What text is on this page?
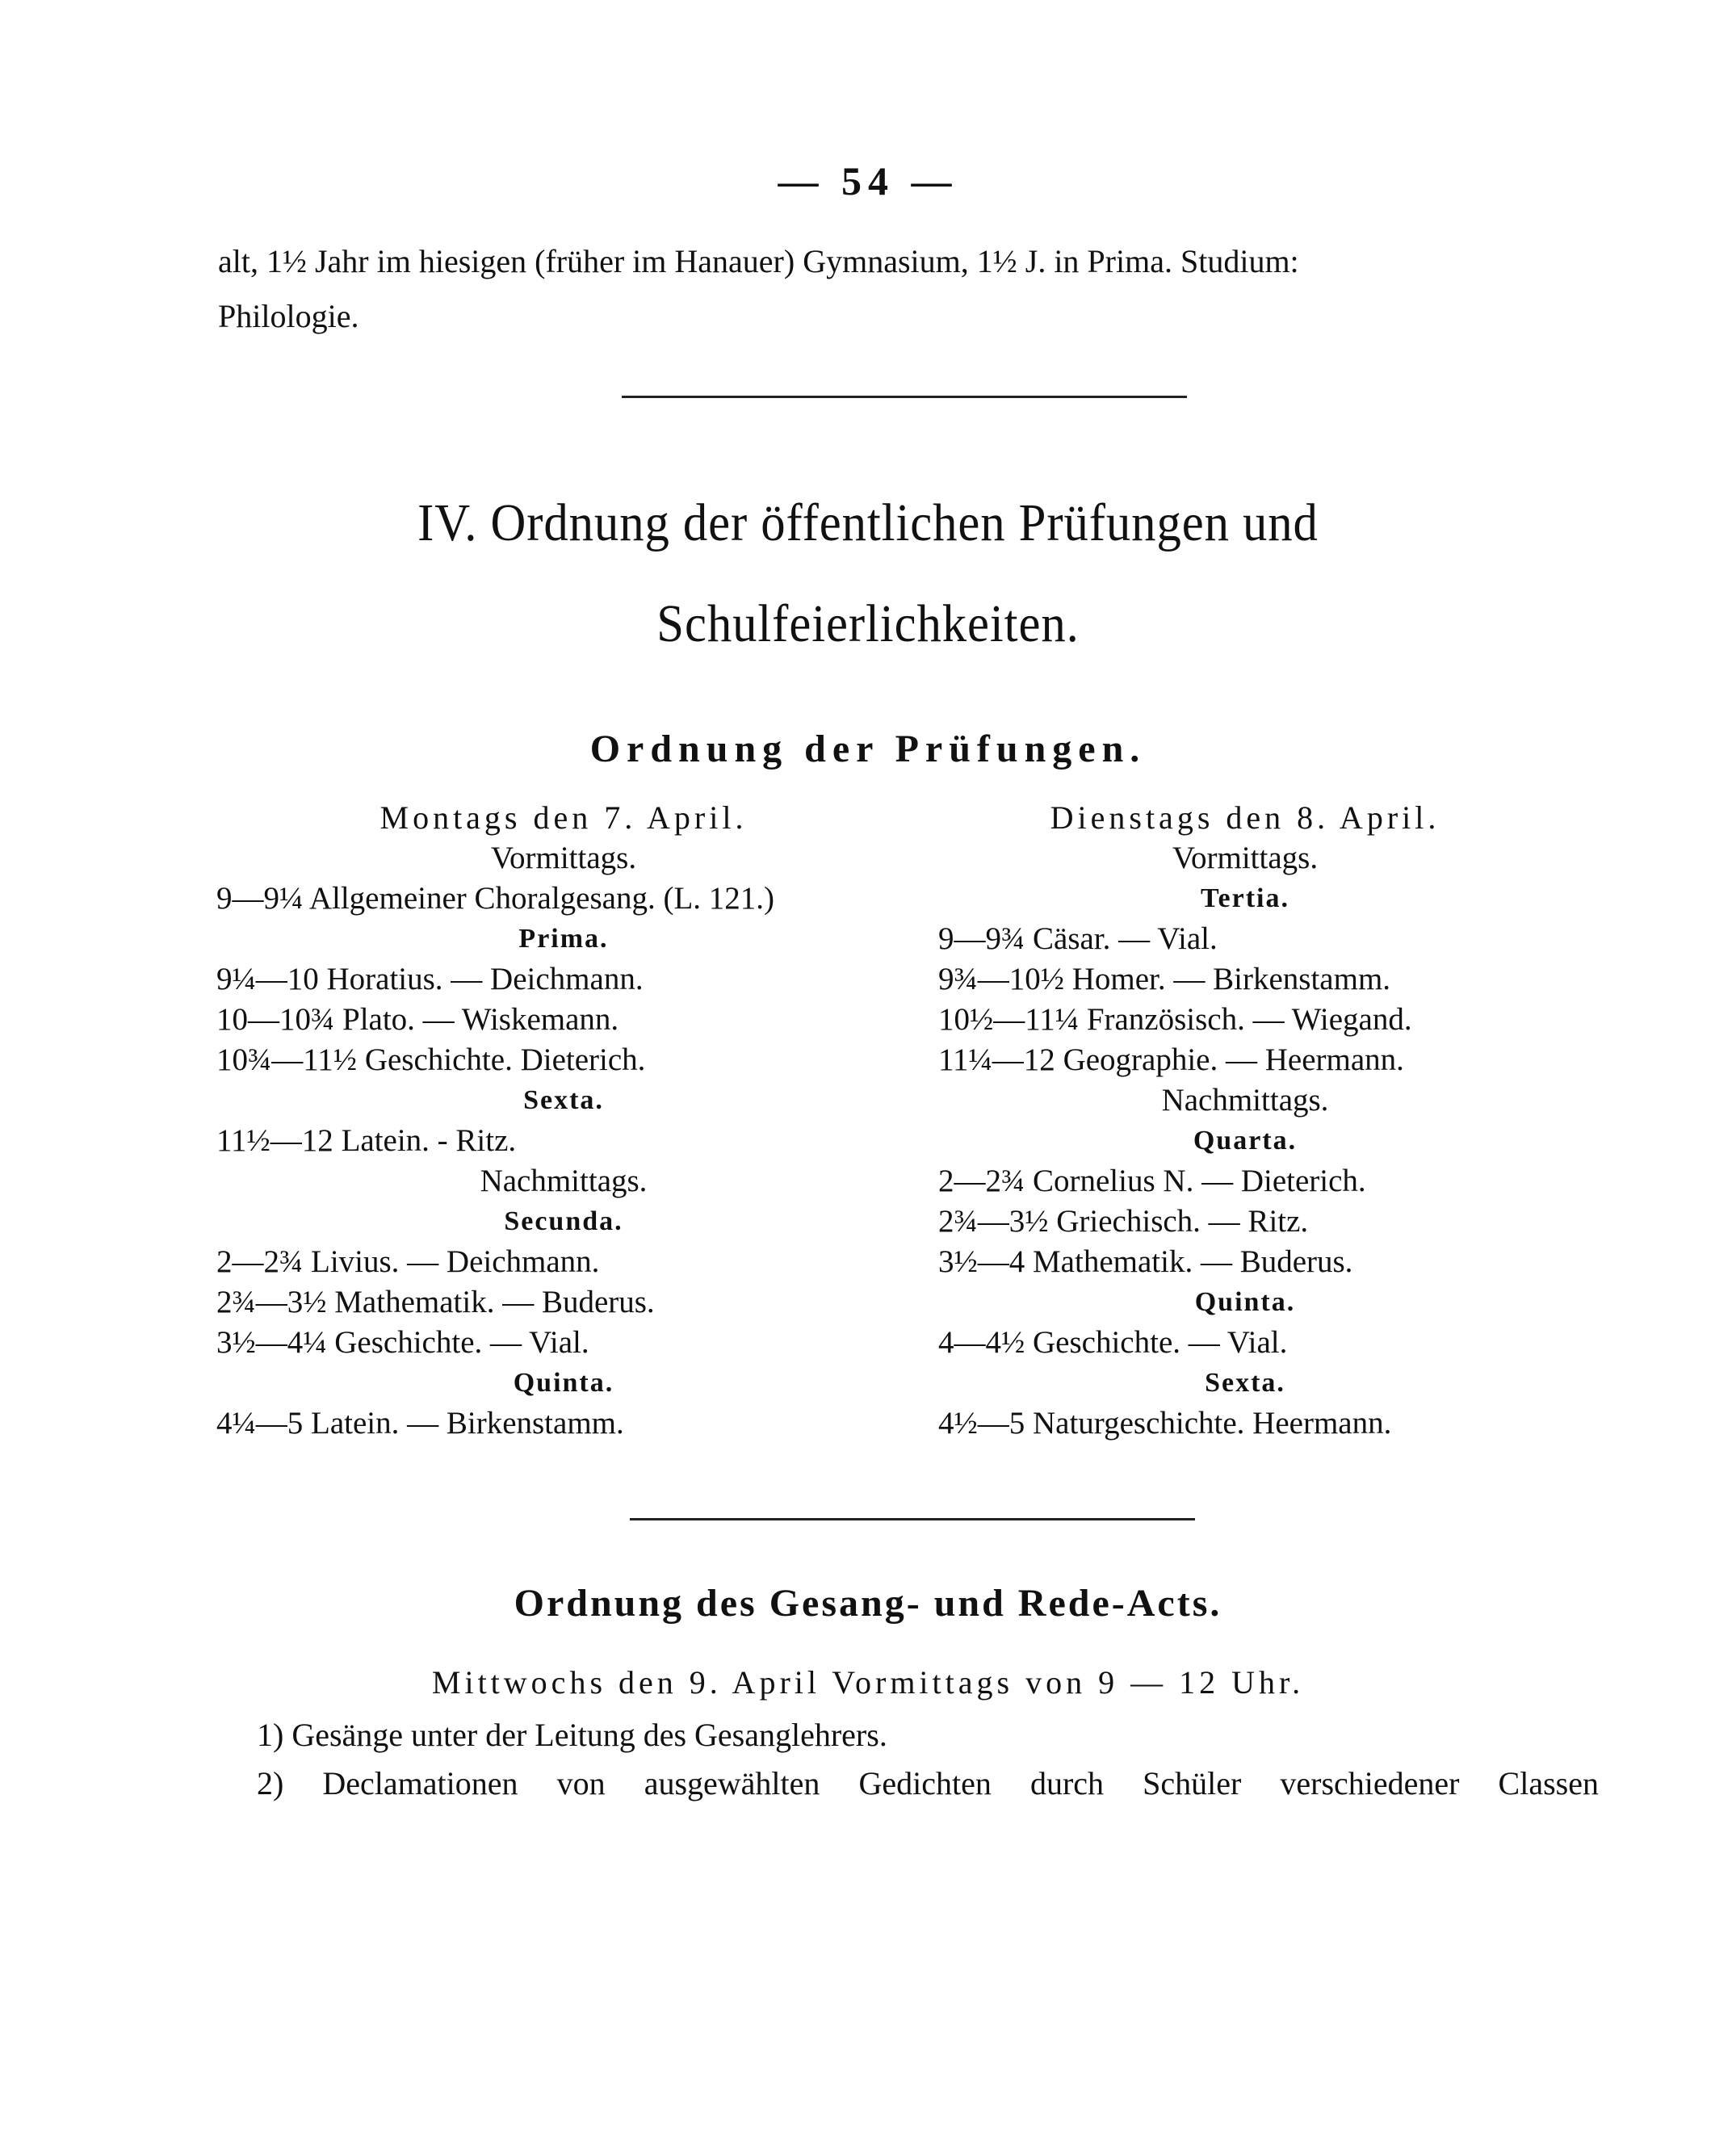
— 54 —
alt, 1½ Jahr im hiesigen (früher im Hanauer) Gymnasium, 1½ J. in Prima. Studium:
Philologie.
IV. Ordnung der öffentlichen Prüfungen und
Schulfeierlichkeiten.
Ordnung der Prüfungen.
Montags den 7. April.
Vormittags.
9—9¼ Allgemeiner Choralgesang. (L. 121.)
Prima.
9¼—10 Horatius. — Deichmann.
10—10¾ Plato. — Wiskemann.
10¾—11½ Geschichte. Dieterich.
Sexta.
11½—12 Latein. - Ritz.
Nachmittags.
Secunda.
2—2¾ Livius. — Deichmann.
2¾—3½ Mathematik. — Buderus.
3½—4¼ Geschichte. — Vial.
Quinta.
4¼—5 Latein. — Birkenstamm.
Dienstags den 8. April.
Vormittags.
Tertia.
9—9¾ Cäsar. — Vial.
9¾—10½ Homer. — Birkenstamm.
10½—11¼ Französisch. — Wiegand.
11¼—12 Geographie. — Heermann.
Nachmittags.
Quarta.
2—2¾ Cornelius N. — Dieterich.
2¾—3½ Griechisch. — Ritz.
3½—4 Mathematik. — Buderus.
Quinta.
4—4½ Geschichte. — Vial.
Sexta.
4½—5 Naturgeschichte. Heermann.
Ordnung des Gesang- und Rede-Acts.
Mittwochs den 9. April Vormittags von 9 — 12 Uhr.
1) Gesänge unter der Leitung des Gesanglehrers.
2) Declamationen von ausgewählten Gedichten durch Schüler verschiedener Classen
